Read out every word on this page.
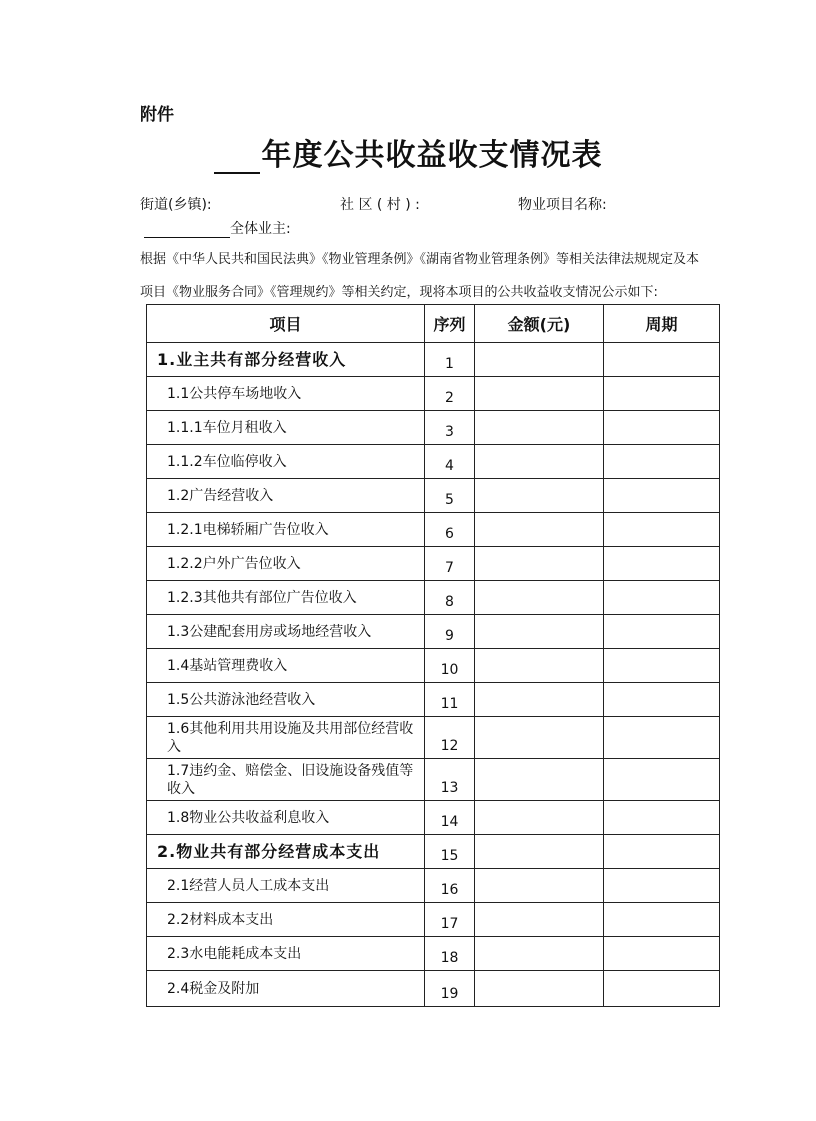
附件
年度公共收益收支情况表
街道(乡镇):	社 区 ( 村 ) :	物业项目名称:
全体业主:
根据《中华人民共和国民法典》《物业管理条例》《湖南省物业管理条例》等相关法律法规规定及本
项目《物业服务合同》《管理规约》等相关约定，现将本项目的公共收益收支情况公示如下:
项目	序列	金额(元)	周期
1.业主共有部分经营收入	1		
1.1公共停车场地收入	2		
1.1.1车位月租收入	3		
1.1.2车位临停收入	4		
1.2广告经营收入	5		
1.2.1电梯轿厢广告位收入	6		
1.2.2户外广告位收入	7		
1.2.3其他共有部位广告位收入	8		
1.3公建配套用房或场地经营收入	9		
1.4基站管理费收入	10		
1.5公共游泳池经营收入	11		
1.6其他利用共用设施及共用部位经营收入	12		
1.7违约金、赔偿金、旧设施设备残值等收入	13		
1.8物业公共收益利息收入	14		
2.物业共有部分经营成本支出	15		
2.1经营人员人工成本支出	16		
2.2材料成本支出	17		
2.3水电能耗成本支出	18		
2.4税金及附加	19		
